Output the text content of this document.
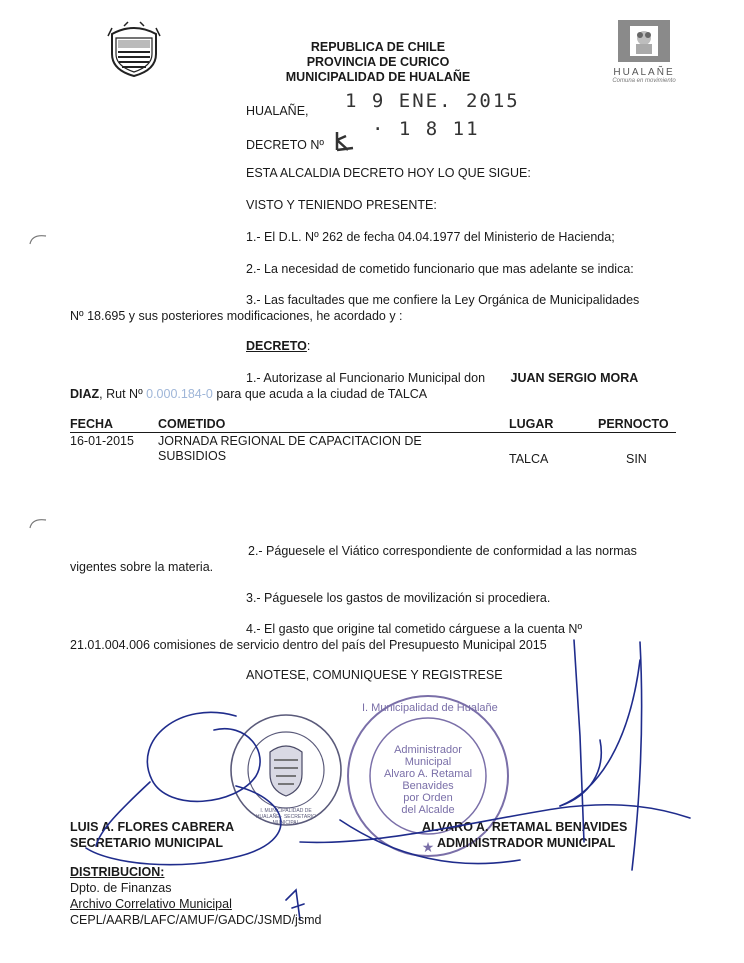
REPUBLICA DE CHILE
PROVINCIA DE CURICO
MUNICIPALIDAD DE HUALAÑE	HUALAÑE
Comuna en movimiento
HUALAÑE, 1 9 ENE. 2015
DECRETO Nº
· 1 8 11
ESTA ALCALDIA DECRETO HOY LO QUE SIGUE:
VISTO Y TENIENDO PRESENTE:
1.- El D.L. Nº 262 de fecha 04.04.1977 del Ministerio de Hacienda;
2.- La necesidad de cometido funcionario que mas adelante se indica:
3.- Las facultades que me confiere la Ley Orgánica de Municipalidades
Nº 18.695 y sus posteriores modificaciones, he acordado y :
DECRETO:
1.- Autorizase al Funcionario Municipal don JUAN SERGIO MORA
DIAZ, Rut Nº 0.000.184-0 para que acuda a la ciudad de TALCA
FECHA	COMETIDO	LUGAR	PERNOCTO
16-01-2015 JORNADA REGIONAL DE CAPACITACION DE
SUBSIDIOS	TALCA	SIN
2.- Páguesele el Viático correspondiente de conformidad a las normas
vigentes sobre la materia.
3.- Páguesele los gastos de movilización si procediera.
4.- El gasto que origine tal cometido cárguese a la cuenta Nº
21.01.004.006 comisiones de servicio dentro del país del Presupuesto Municipal 2015
ANOTESE, COMUNIQUESE Y REGISTRESE
I. MUNICIPALIDAD DE HUALAÑE · SECRETARIO MUNICIPAL
★
I. Municipalidad de Hualañe
Administrador
Municipal
Alvaro A. Retamal
Benavides
por Orden
del Alcalde
LUIS A. FLORES CABRERA
SECRETARIO MUNICIPAL
ALVARO A. RETAMAL BENAVIDES
ADMINISTRADOR MUNICIPAL
DISTRIBUCION:
Dpto. de Finanzas
Archivo Correlativo Municipal
CEPL/AARB/LAFC/AMUF/GADC/JSMD/jsmd
